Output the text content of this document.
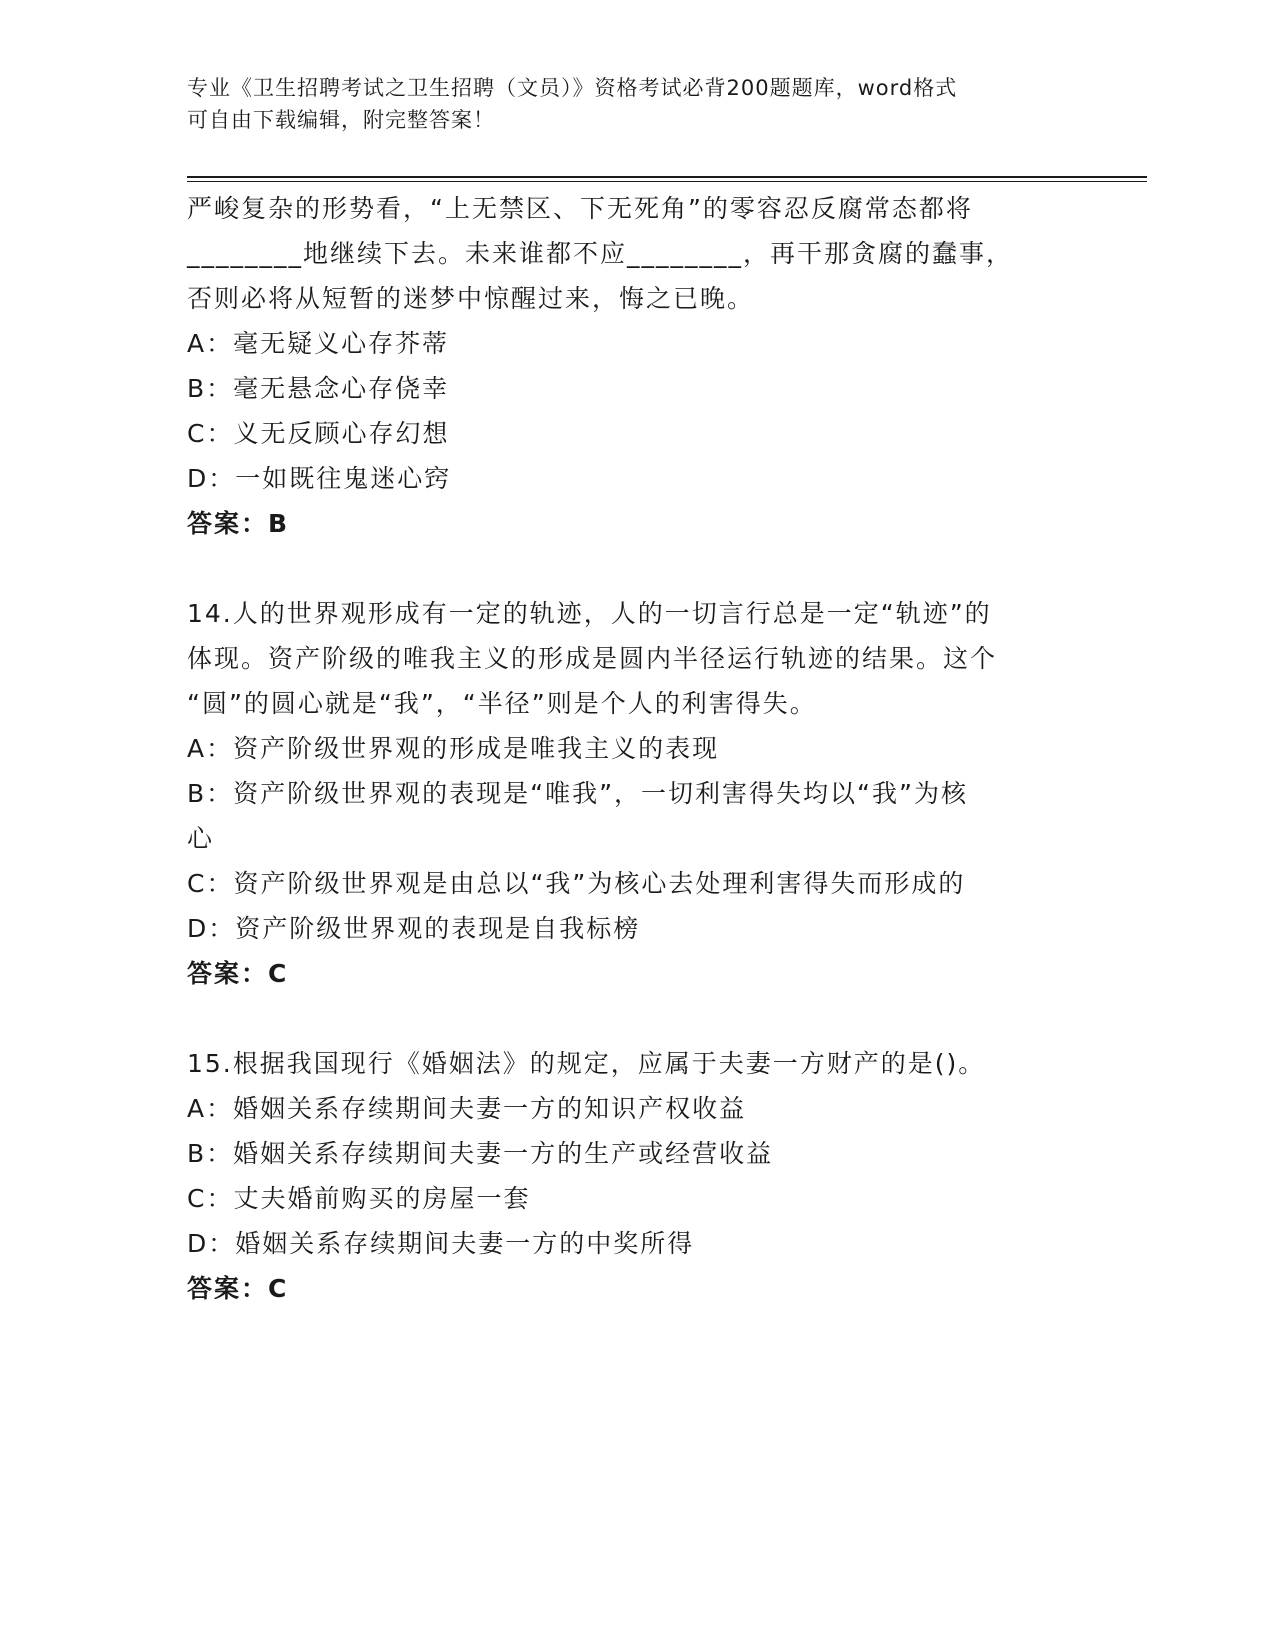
专业《卫生招聘考试之卫生招聘（文员）》资格考试必背200题题库，word格式
可自由下载编辑，附完整答案！
严峻复杂的形势看，“上无禁区、下无死角”的零容忍反腐常态都将
________地继续下去。未来谁都不应________，再干那贪腐的蠢事，
否则必将从短暂的迷梦中惊醒过来，悔之已晚。
A：毫无疑义心存芥蒂
B：毫无悬念心存侥幸
C：义无反顾心存幻想
D：一如既往鬼迷心窍
答案：B
14.人的世界观形成有一定的轨迹，人的一切言行总是一定“轨迹”的
体现。资产阶级的唯我主义的形成是圆内半径运行轨迹的结果。这个
“圆”的圆心就是“我”，“半径”则是个人的利害得失。
A：资产阶级世界观的形成是唯我主义的表现
B：资产阶级世界观的表现是“唯我”，一切利害得失均以“我”为核
心
C：资产阶级世界观是由总以“我”为核心去处理利害得失而形成的
D：资产阶级世界观的表现是自我标榜
答案：C
15.根据我国现行《婚姻法》的规定，应属于夫妻一方财产的是()。
A：婚姻关系存续期间夫妻一方的知识产权收益
B：婚姻关系存续期间夫妻一方的生产或经营收益
C：丈夫婚前购买的房屋一套
D：婚姻关系存续期间夫妻一方的中奖所得
答案：C
